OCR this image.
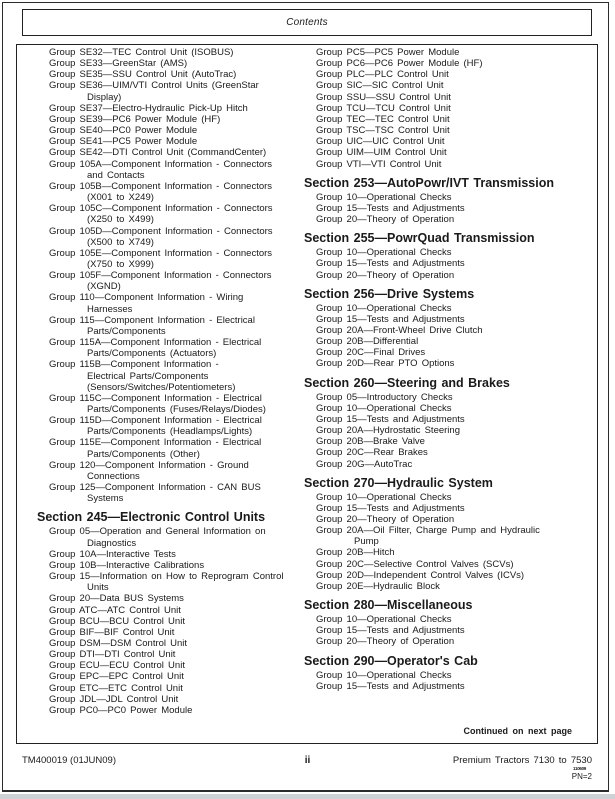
Contents
Group SE32—TEC Control Unit (ISOBUS)
Group SE33—GreenStar (AMS)
Group SE35—SSU Control Unit (AutoTrac)
Group SE36—UIM/VTI Control Units (GreenStar
Display)
Group SE37—Electro-Hydraulic Pick-Up Hitch
Group SE39—PC6 Power Module (HF)
Group SE40—PC0 Power Module
Group SE41—PC5 Power Module
Group SE42—DTI Control Unit (CommandCenter)
Group 105A—Component Information - Connectors
and Contacts
Group 105B—Component Information - Connectors
(X001 to X249)
Group 105C—Component Information - Connectors
(X250 to X499)
Group 105D—Component Information - Connectors
(X500 to X749)
Group 105E—Component Information - Connectors
(X750 to X999)
Group 105F—Component Information - Connectors
(XGND)
Group 110—Component Information - Wiring
Harnesses
Group 115—Component Information - Electrical
Parts/Components
Group 115A—Component Information - Electrical
Parts/Components (Actuators)
Group 115B—Component Information -
Electrical Parts/Components
(Sensors/Switches/Potentiometers)
Group 115C—Component Information - Electrical
Parts/Components (Fuses/Relays/Diodes)
Group 115D—Component Information - Electrical
Parts/Components (Headlamps/Lights)
Group 115E—Component Information - Electrical
Parts/Components (Other)
Group 120—Component Information - Ground
Connections
Group 125—Component Information - CAN BUS
Systems
Section 245—Electronic Control Units
Group 05—Operation and General Information on
Diagnostics
Group 10A—Interactive Tests
Group 10B—Interactive Calibrations
Group 15—Information on How to Reprogram Control
Units
Group 20—Data BUS Systems
Group ATC—ATC Control Unit
Group BCU—BCU Control Unit
Group BIF—BIF Control Unit
Group DSM—DSM Control Unit
Group DTI—DTI Control Unit
Group ECU—ECU Control Unit
Group EPC—EPC Control Unit
Group ETC—ETC Control Unit
Group JDL—JDL Control Unit
Group PC0—PC0 Power Module
Group PC5—PC5 Power Module
Group PC6—PC6 Power Module (HF)
Group PLC—PLC Control Unit
Group SIC—SIC Control Unit
Group SSU—SSU Control Unit
Group TCU—TCU Control Unit
Group TEC—TEC Control Unit
Group TSC—TSC Control Unit
Group UIC—UIC Control Unit
Group UIM—UIM Control Unit
Group VTI—VTI Control Unit
Section 253—AutoPowr/IVT Transmission
Group 10—Operational Checks
Group 15—Tests and Adjustments
Group 20—Theory of Operation
Section 255—PowrQuad Transmission
Group 10—Operational Checks
Group 15—Tests and Adjustments
Group 20—Theory of Operation
Section 256—Drive Systems
Group 10—Operational Checks
Group 15—Tests and Adjustments
Group 20A—Front-Wheel Drive Clutch
Group 20B—Differential
Group 20C—Final Drives
Group 20D—Rear PTO Options
Section 260—Steering and Brakes
Group 05—Introductory Checks
Group 10—Operational Checks
Group 15—Tests and Adjustments
Group 20A—Hydrostatic Steering
Group 20B—Brake Valve
Group 20C—Rear Brakes
Group 20G—AutoTrac
Section 270—Hydraulic System
Group 10—Operational Checks
Group 15—Tests and Adjustments
Group 20—Theory of Operation
Group 20A—Oil Filter, Charge Pump and Hydraulic
Pump
Group 20B—Hitch
Group 20C—Selective Control Valves (SCVs)
Group 20D—Independent Control Valves (ICVs)
Group 20E—Hydraulic Block
Section 280—Miscellaneous
Group 10—Operational Checks
Group 15—Tests and Adjustments
Group 20—Theory of Operation
Section 290—Operator's Cab
Group 10—Operational Checks
Group 15—Tests and Adjustments
Continued on next page
TM400019 (01JUN09)	ii	Premium Tractors 7130 to 7530
110609
PN=2
